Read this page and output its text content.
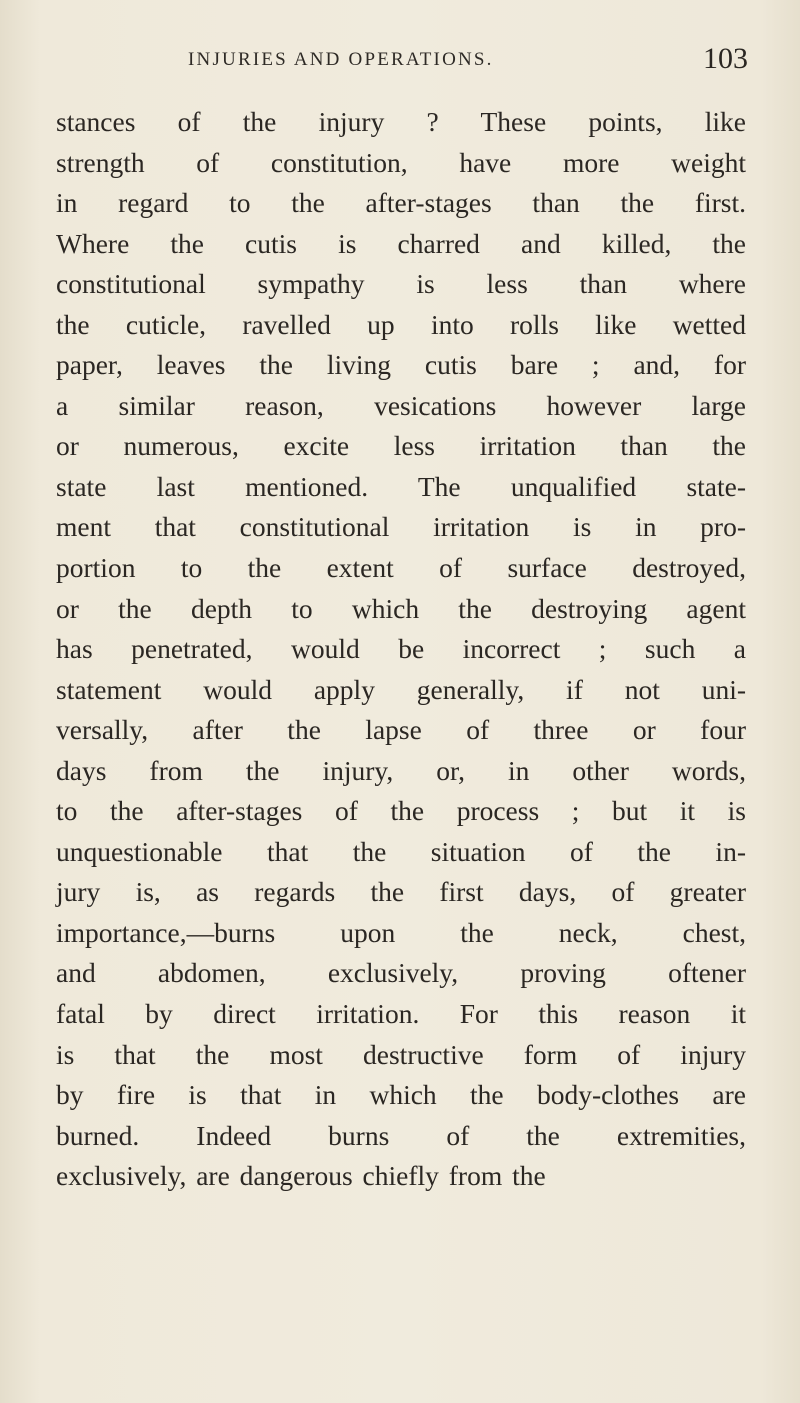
INJURIES AND OPERATIONS.	103
stances of the injury ? These points, like
strength of constitution, have more weight
in regard to the after-stages than the first.
Where the cutis is charred and killed, the
constitutional sympathy is less than where
the cuticle, ravelled up into rolls like wetted
paper, leaves the living cutis bare ; and, for
a similar reason, vesications however large
or numerous, excite less irritation than the
state last mentioned. The unqualified state-
ment that constitutional irritation is in pro-
portion to the extent of surface destroyed,
or the depth to which the destroying agent
has penetrated, would be incorrect ; such a
statement would apply generally, if not uni-
versally, after the lapse of three or four
days from the injury, or, in other words,
to the after-stages of the process ; but it is
unquestionable that the situation of the in-
jury is, as regards the first days, of greater
importance,—burns upon the neck, chest,
and abdomen, exclusively, proving oftener
fatal by direct irritation. For this reason it
is that the most destructive form of injury
by fire is that in which the body-clothes are
burned. Indeed burns of the extremities,
exclusively, are dangerous chiefly from the
